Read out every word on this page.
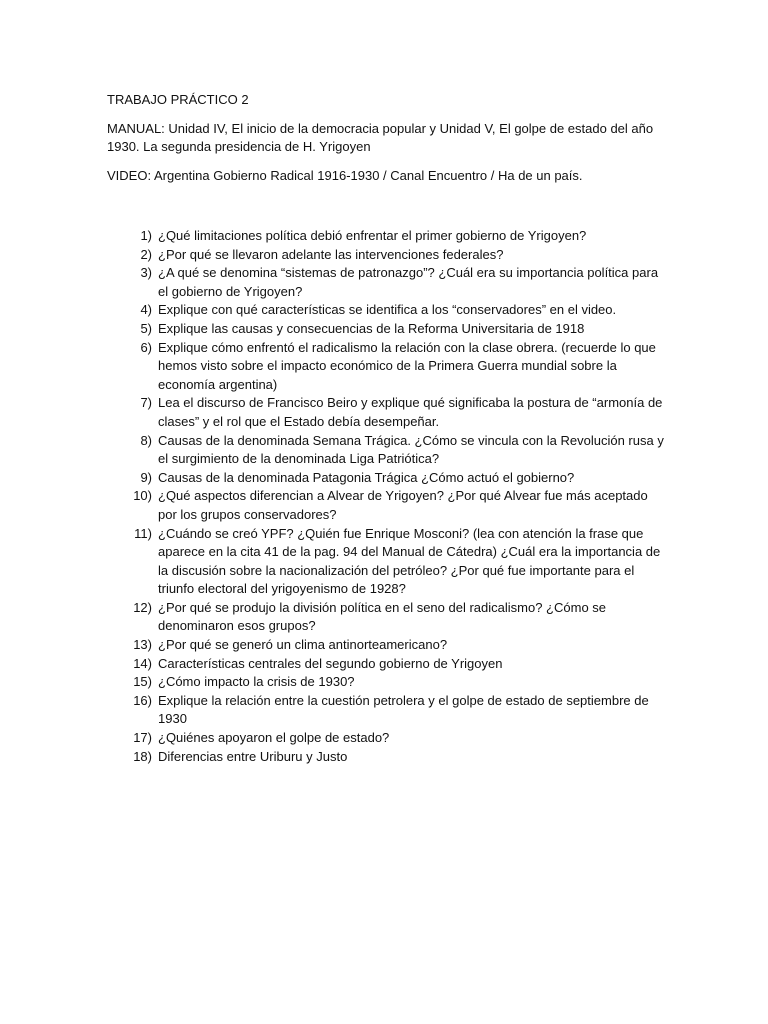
TRABAJO PRÁCTICO 2

MANUAL: Unidad IV, El inicio de la democracia popular y Unidad V, El golpe de estado del año 1930. La segunda presidencia de H. Yrigoyen

VIDEO: Argentina Gobierno Radical 1916-1930 / Canal Encuentro / Ha de un país.

1) ¿Qué limitaciones política debió enfrentar el primer gobierno de Yrigoyen?
2) ¿Por qué se llevaron adelante las intervenciones federales?
3) ¿A qué se denomina “sistemas de patronazgo”? ¿Cuál era su importancia política para el gobierno de Yrigoyen?
4) Explique con qué características se identifica a los “conservadores” en el video.
5) Explique las causas y consecuencias de la Reforma Universitaria de 1918
6) Explique cómo enfrentó el radicalismo la relación con la clase obrera. (recuerde lo que hemos visto sobre el impacto económico de la Primera Guerra mundial sobre la economía argentina)
7) Lea el discurso de Francisco Beiro y explique qué significaba la postura de “armonía de clases” y el rol que el Estado debía desempeñar.
8) Causas de la denominada Semana Trágica. ¿Cómo se vincula con la Revolución rusa y el surgimiento de la denominada Liga Patriótica?
9) Causas de la denominada Patagonia Trágica ¿Cómo actuó el gobierno?
10) ¿Qué aspectos diferencian a Alvear de Yrigoyen? ¿Por qué Alvear fue más aceptado por los grupos conservadores?
11) ¿Cuándo se creó YPF? ¿Quién fue Enrique Mosconi? (lea con atención la frase que aparece en la cita 41 de la pag. 94 del Manual de Cátedra) ¿Cuál era la importancia de la discusión sobre la nacionalización del petróleo? ¿Por qué fue importante para el triunfo electoral del yrigoyenismo de 1928?
12) ¿Por qué se produjo la división política en el seno del radicalismo? ¿Cómo se denominaron esos grupos?
13) ¿Por qué se generó un clima antinorteamericano?
14) Características centrales del segundo gobierno de Yrigoyen
15) ¿Cómo impacto la crisis de 1930?
16) Explique la relación entre la cuestión petrolera y el golpe de estado de septiembre de 1930
17) ¿Quiénes apoyaron el golpe de estado?
18) Diferencias entre Uriburu y Justo
